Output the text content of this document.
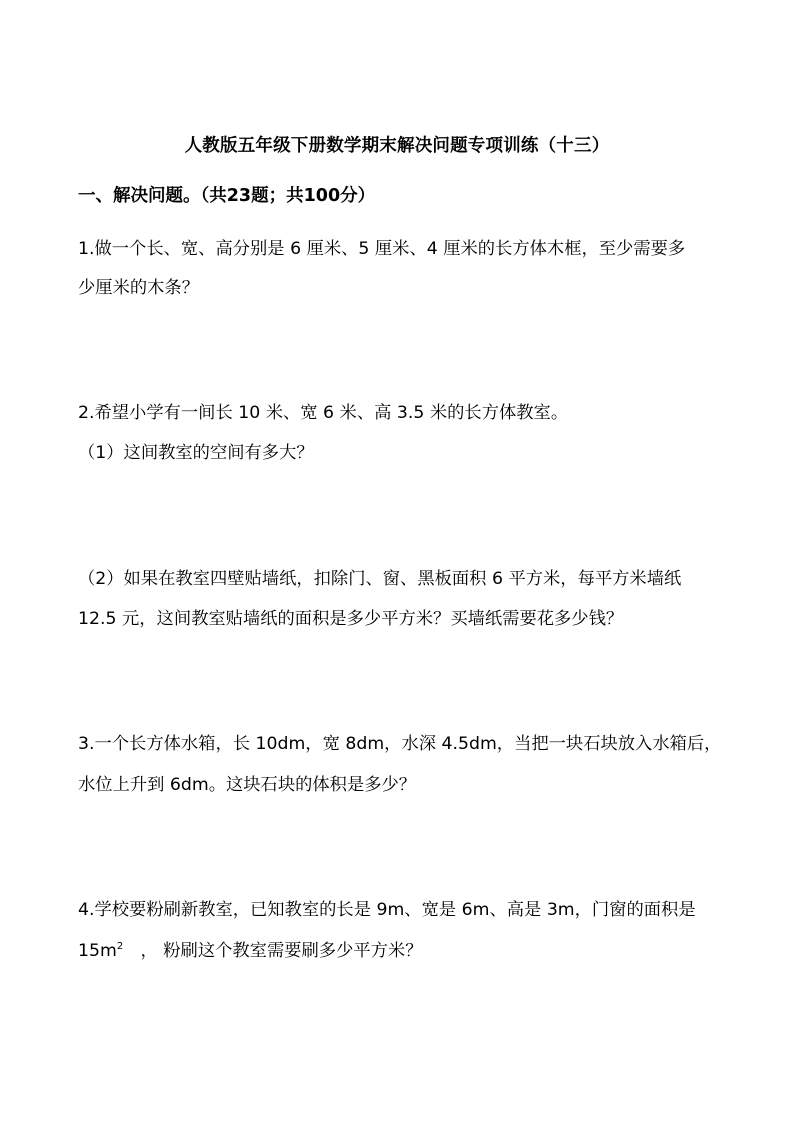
人教版五年级下册数学期末解决问题专项训练（十三）
一、解决问题。（共23题；共100分）
1.做一个长、宽、高分别是 6 厘米、5 厘米、4 厘米的长方体木框，至少需要多
少厘米的木条？
2.希望小学有一间长 10 米、宽 6 米、高 3.5 米的长方体教室。
（1）这间教室的空间有多大？
（2）如果在教室四壁贴墙纸，扣除门、窗、黑板面积 6 平方米，每平方米墙纸
12.5 元，这间教室贴墙纸的面积是多少平方米？买墙纸需要花多少钱？
3.一个长方体水箱，长 10dm，宽 8dm，水深 4.5dm，当把一块石块放入水箱后，
水位上升到 6dm。这块石块的体积是多少？
4.学校要粉刷新教室，已知教室的长是 9m、宽是 6m、高是 3m，门窗的面积是
$15m^2$　， 粉刷这个教室需要刷多少平方米？
